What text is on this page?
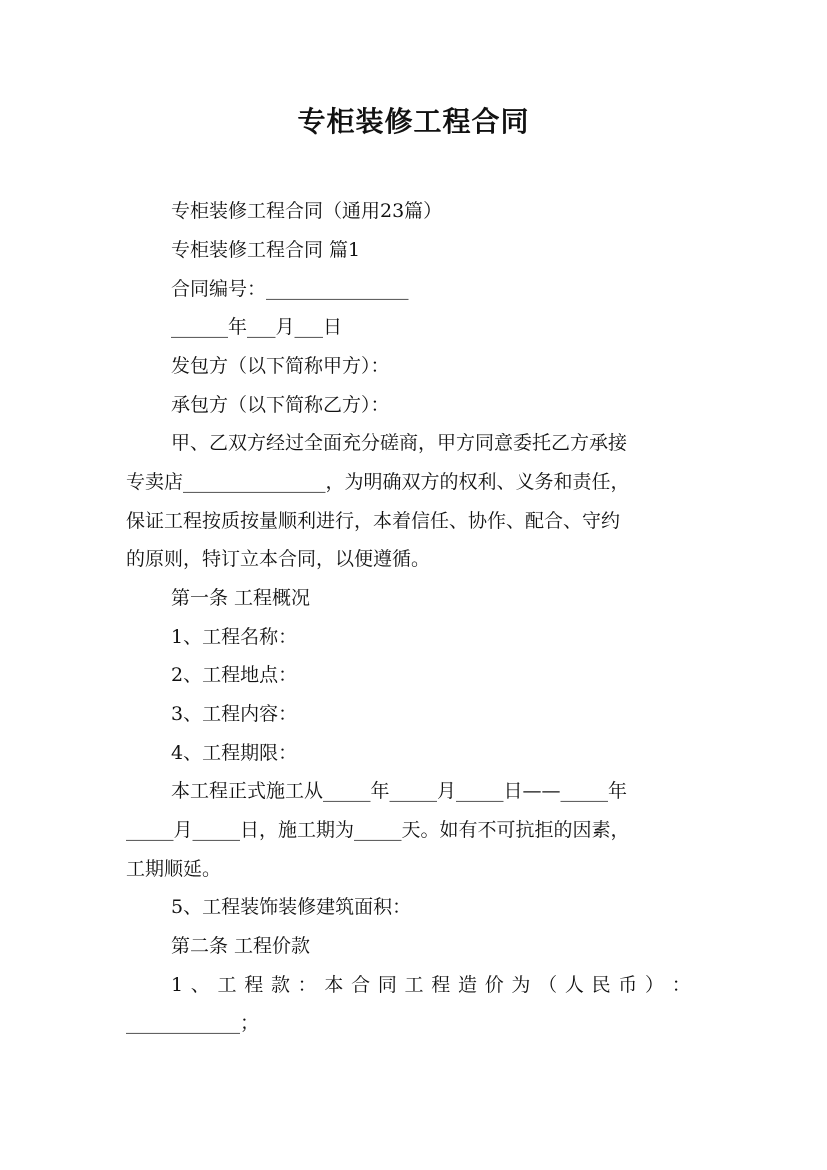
专柜装修工程合同

专柜装修工程合同（通用23篇）

专柜装修工程合同 篇1

合同编号：_______________

______年___月___日

发包方（以下简称甲方）：

承包方（以下简称乙方）：

甲、乙双方经过全面充分磋商，甲方同意委托乙方承接

专卖店_______________，为明确双方的权利、义务和责任，

保证工程按质按量顺利进行，本着信任、协作、配合、守约

的原则，特订立本合同，以便遵循。

第一条 工程概况

1、工程名称：

2、工程地点：

3、工程内容：

4、工程期限：

本工程正式施工从_____年_____月_____日——_____年

_____月_____日，施工期为_____天。如有不可抗拒的因素，

工期顺延。

5、工程装饰装修建筑面积：

第二条 工程价款

1 、 工 程 款 ： 本 合 同 工 程 造 价 为 （ 人 民 币 ） ：

____________；
